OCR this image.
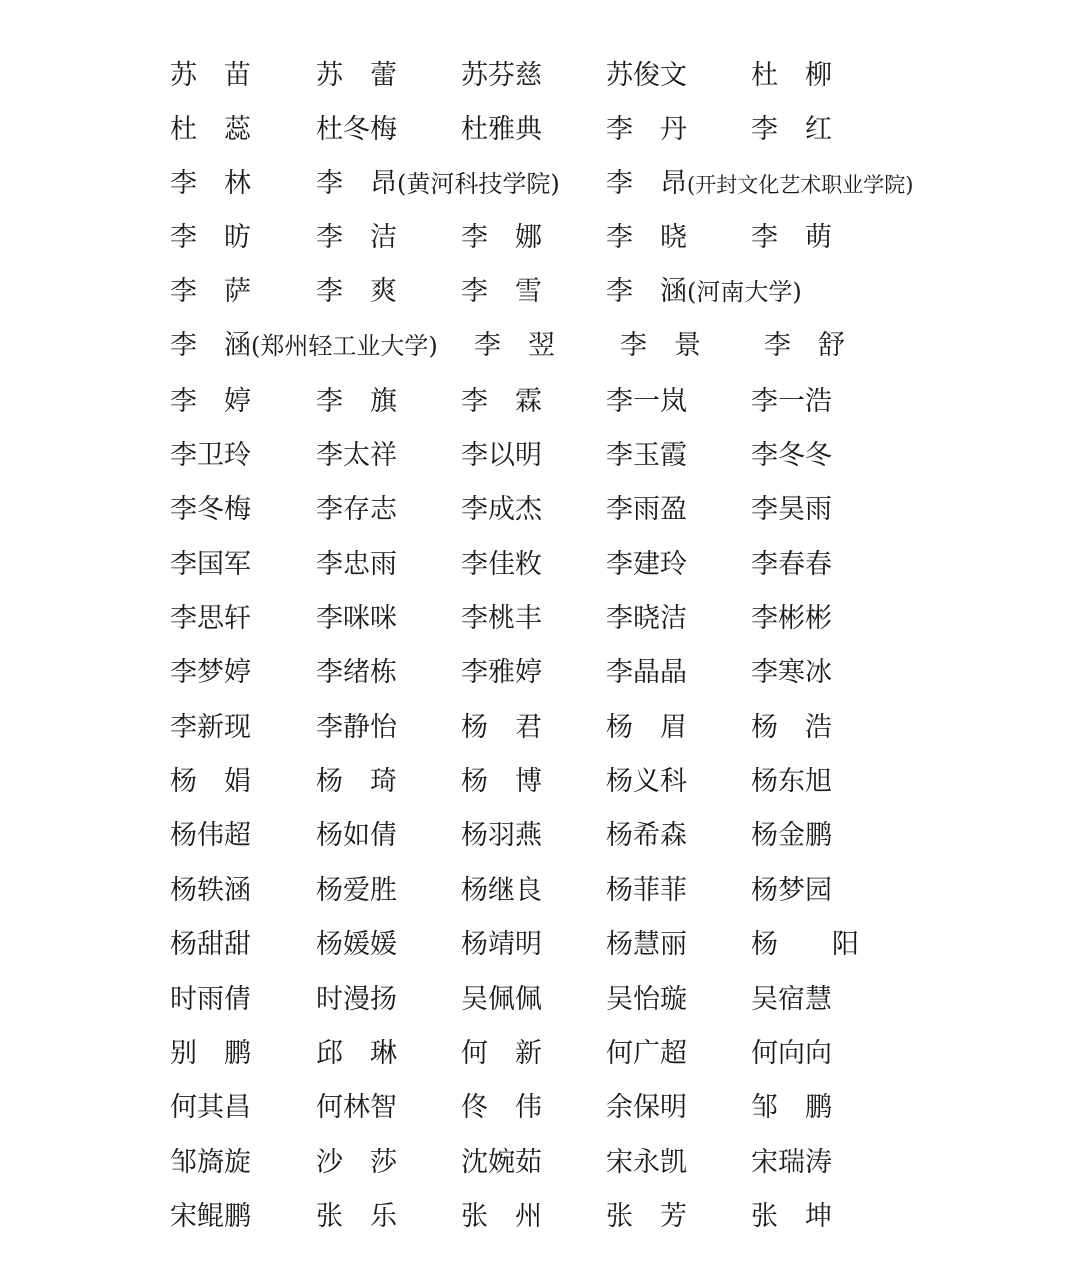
苏　苗 苏　蕾 苏芬慈 苏俊文 杜　柳
杜　蕊 杜冬梅 杜雅典 李　丹 李　红
李　林 李　昂(黄河科技学院) 李　昂(开封文化艺术职业学院)
李　昉 李　洁 李　娜 李　晓 李　萌
李　萨 李　爽 李　雪 李　涵(河南大学)
李　涵(郑州轻工业大学) 李　翌 李　景 李　舒
李　婷 李　旗 李　霖 李一岚 李一浩
李卫玲 李太祥 李以明 李玉霞 李冬冬
李冬梅 李存志 李成杰 李雨盈 李昊雨
李国军 李忠雨 李佳敉 李建玲 李春春
李思轩 李咪咪 李桃丰 李晓洁 李彬彬
李梦婷 李绪栋 李雅婷 李晶晶 李寒冰
李新现 李静怡 杨　君 杨　眉 杨　浩
杨　娟 杨　琦 杨　博 杨义科 杨东旭
杨伟超 杨如倩 杨羽燕 杨希森 杨金鹏
杨轶涵 杨爱胜 杨继良 杨菲菲 杨梦园
杨甜甜 杨媛媛 杨靖明 杨慧丽 杨　　阳
时雨倩 时漫扬 吴佩佩 吴怡璇 吴宿慧
别　鹏 邱　琳 何　新 何广超 何向向
何其昌 何林智 佟　伟 余保明 邹　鹏
邹旖旋 沙　莎 沈婉茹 宋永凯 宋瑞涛
宋鲲鹏 张　乐 张　州 张　芳 张　坤
